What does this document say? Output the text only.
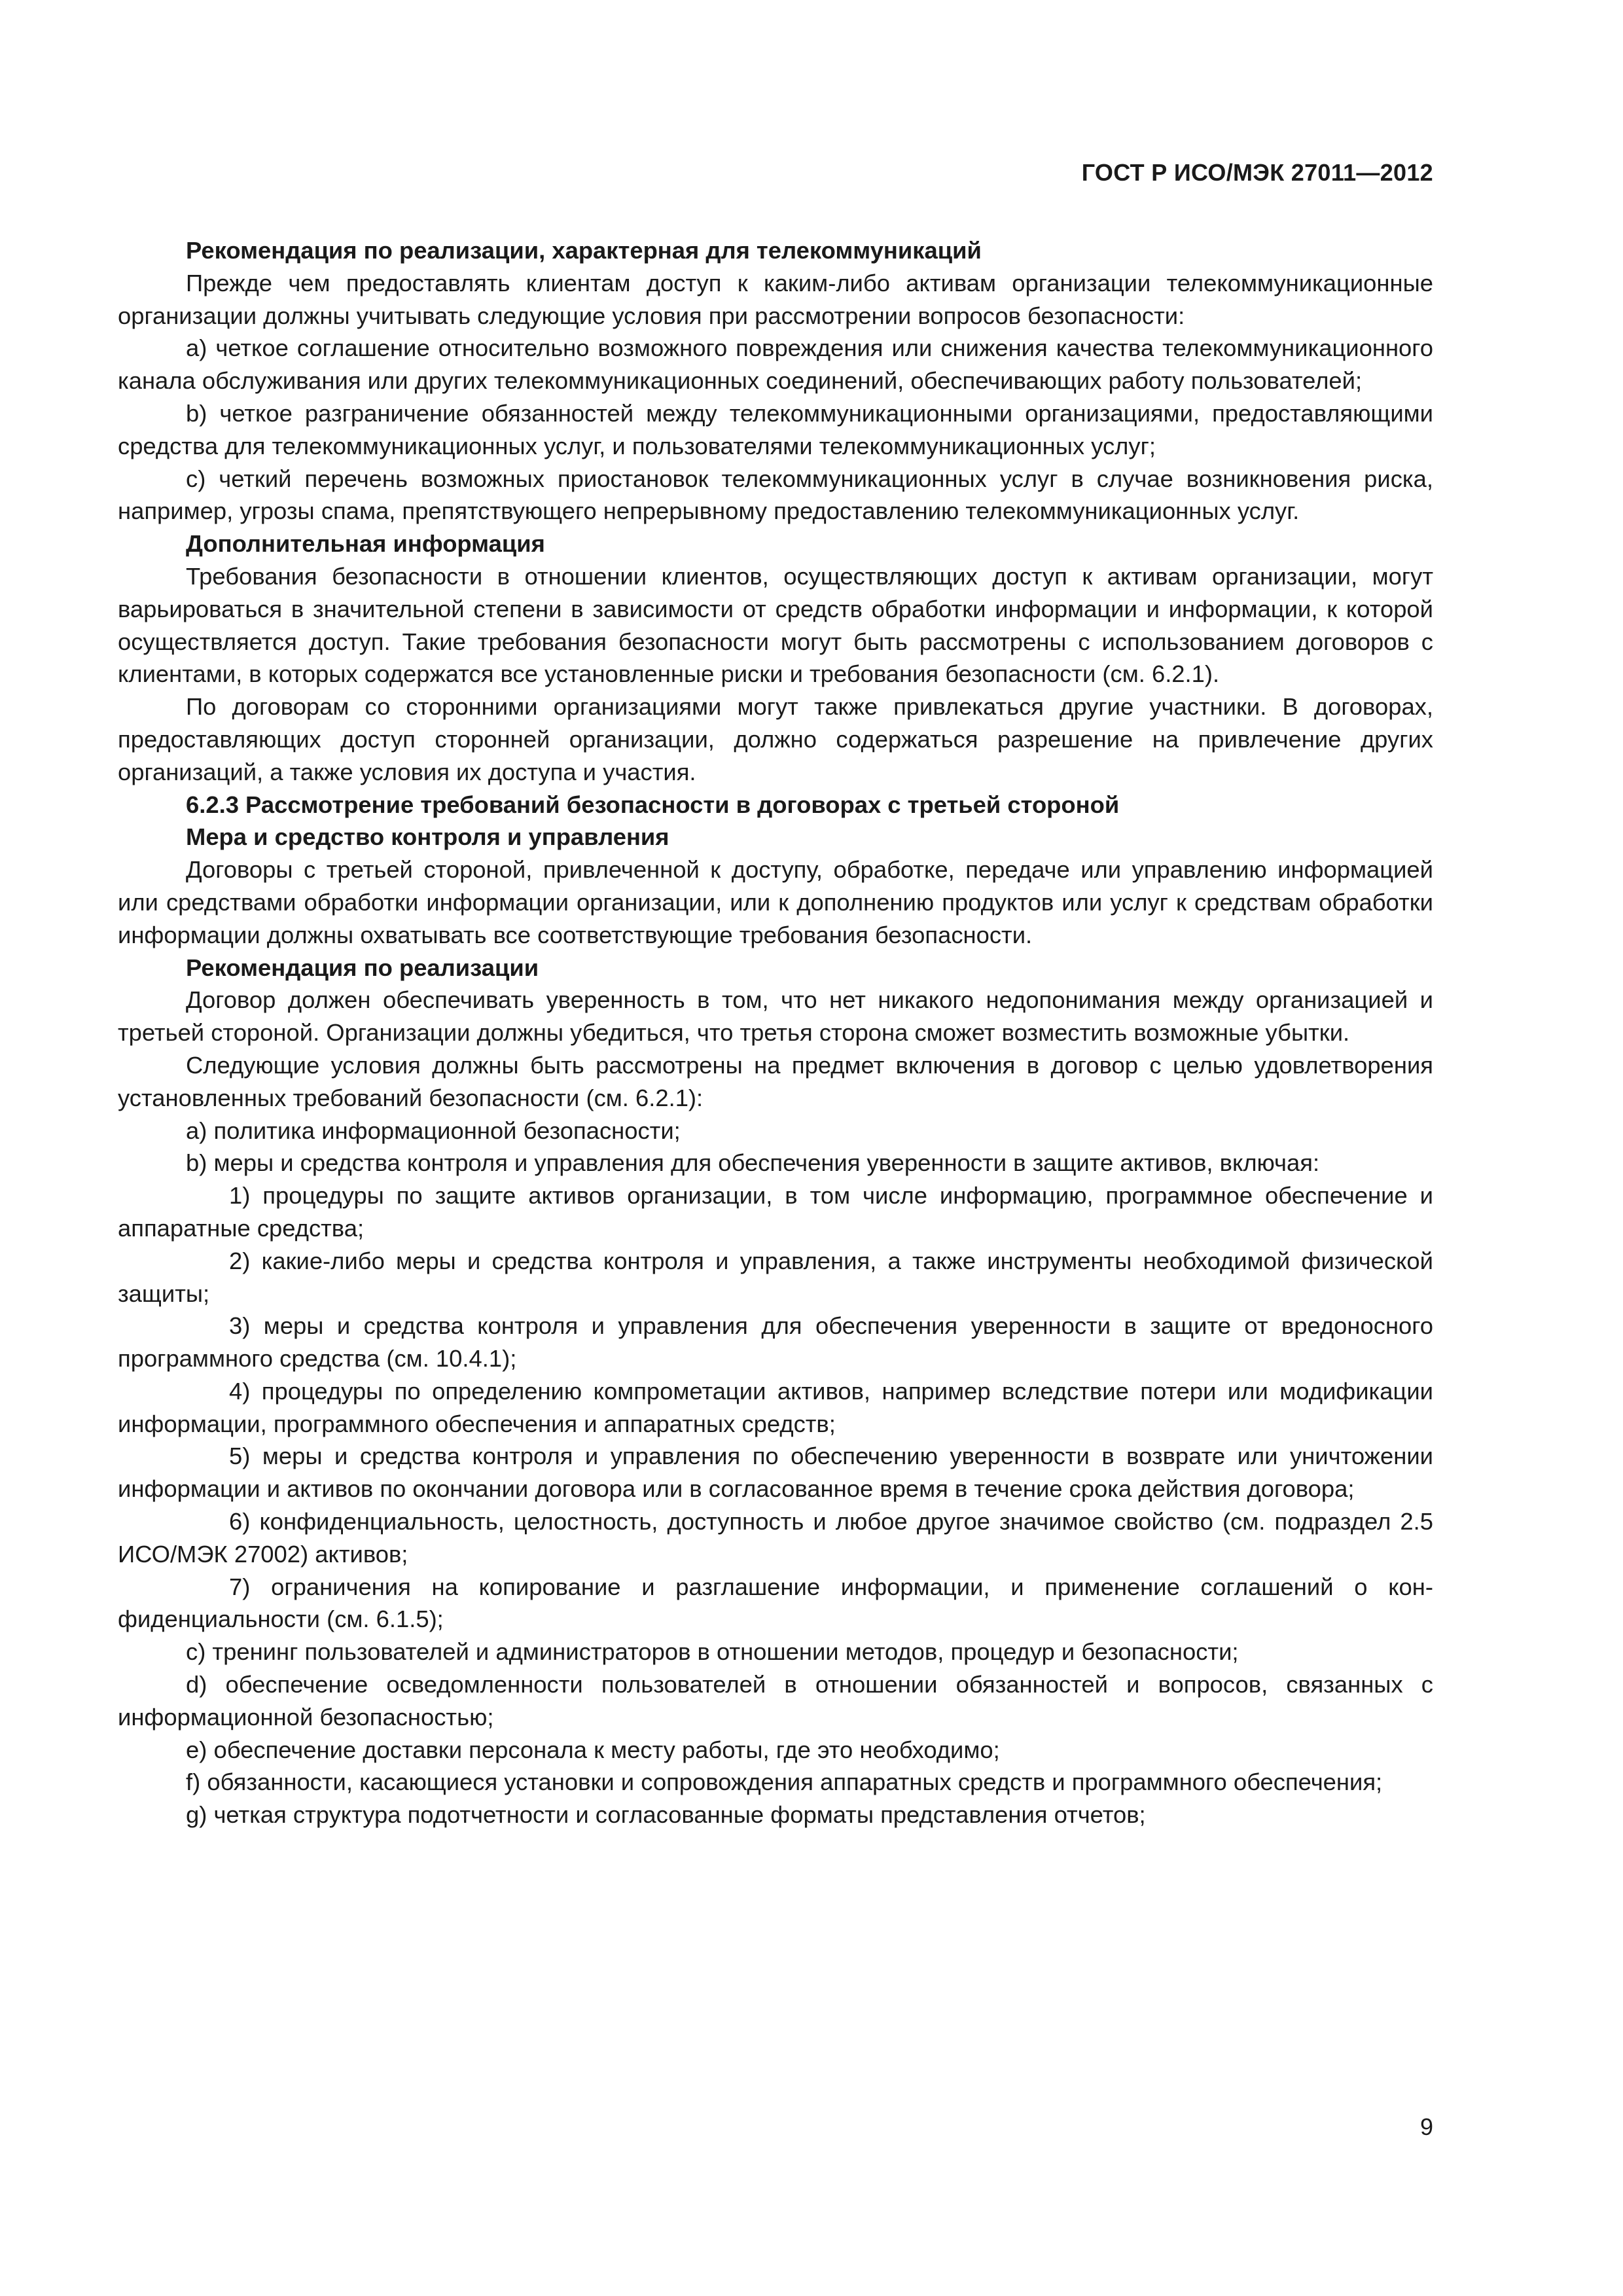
ГОСТ Р ИСО/МЭК 27011—2012

Рекомендация по реализации, характерная для телекоммуникаций

Прежде чем предоставлять клиентам доступ к каким-либо активам организации телекоммуникационные организации должны учитывать следующие условия при рассмотрении вопросов безопасности:

а) четкое соглашение относительно возможного повреждения или снижения качества телекоммуникационного канала обслуживания или других телекоммуникационных соединений, обеспечивающих работу пользователей;

b) четкое разграничение обязанностей между телекоммуникационными организациями, предоставляющими средства для телекоммуникационных услуг, и пользователями телекоммуникационных услуг;

c) четкий перечень возможных приостановок телекоммуникационных услуг в случае возникновения риска, например, угрозы спама, препятствующего непрерывному предоставлению телекоммуникационных услуг.

Дополнительная информация

Требования безопасности в отношении клиентов, осуществляющих доступ к активам организации, могут варьироваться в значительной степени в зависимости от средств обработки информации и информации, к которой осуществляется доступ. Такие требования безопасности могут быть рассмотрены с использованием договоров с клиентами, в которых содержатся все установленные риски и требования безопасности (см. 6.2.1).

По договорам со сторонними организациями могут также привлекаться другие участники. В договорах, предоставляющих доступ сторонней организации, должно содержаться разрешение на привлечение других организаций, а также условия их доступа и участия.

6.2.3 Рассмотрение требований безопасности в договорах с третьей стороной

Мера и средство контроля и управления

Договоры с третьей стороной, привлеченной к доступу, обработке, передаче или управлению информацией или средствами обработки информации организации, или к дополнению продуктов или услуг к средствам обработки информации должны охватывать все соответствующие требования безопасности.

Рекомендация по реализации

Договор должен обеспечивать уверенность в том, что нет никакого недопонимания между организацией и третьей стороной. Организации должны убедиться, что третья сторона сможет возместить возможные убытки.

Следующие условия должны быть рассмотрены на предмет включения в договор с целью удовлетворения установленных требований безопасности (см. 6.2.1):

а) политика информационной безопасности;

b) меры и средства контроля и управления для обеспечения уверенности в защите активов, включая:

1) процедуры по защите активов организации, в том числе информацию, программное обеспечение и аппаратные средства;

2) какие-либо меры и средства контроля и управления, а также инструменты необходимой физической защиты;

3) меры и средства контроля и управления для обеспечения уверенности в защите от вредоносного программного средства (см. 10.4.1);

4) процедуры по определению компрометации активов, например вследствие потери или модификации информации, программного обеспечения и аппаратных средств;

5) меры и средства контроля и управления по обеспечению уверенности в возврате или уничтожении информации и активов по окончании договора или в согласованное время в течение срока действия договора;

6) конфиденциальность, целостность, доступность и любое другое значимое свойство (см. подраздел 2.5 ИСО/МЭК 27002) активов;

7) ограничения на копирование и разглашение информации, и применение соглашений о конфиденциальности (см. 6.1.5);

c) тренинг пользователей и администраторов в отношении методов, процедур и безопасности;

d) обеспечение осведомленности пользователей в отношении обязанностей и вопросов, связанных с информационной безопасностью;

e) обеспечение доставки персонала к месту работы, где это необходимо;

f) обязанности, касающиеся установки и сопровождения аппаратных средств и программного обеспечения;

g) четкая структура подотчетности и согласованные форматы представления отчетов;

9
